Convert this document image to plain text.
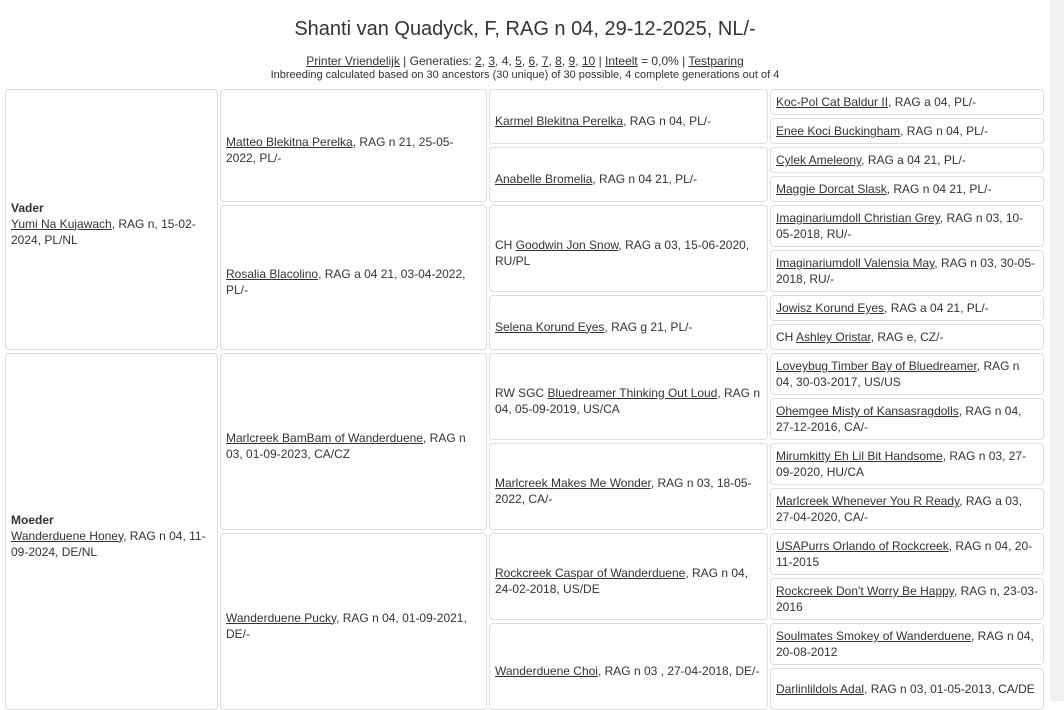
Shanti van Quadyck, F, RAG n 04, 29-12-2025, NL/-
Printer Vriendelijk | Generaties: 2, 3, 4, 5, 6, 7, 8, 9, 10 | Inteelt = 0,0% | Testparing
Inbreeding calculated based on 30 ancestors (30 unique) of 30 possible, 4 complete generations out of 4
Vader
Yumi Na Kujawach, RAG n, 15-02-2024, PL/NL
Moeder
Wanderduene Honey, RAG n 04, 11-09-2024, DE/NL
Matteo Blekitna Perelka, RAG n 21, 25-05-2022, PL/-
Rosalia Blacolino, RAG a 04 21, 03-04-2022, PL/-
Marlcreek BamBam of Wanderduene, RAG n 03, 01-09-2023, CA/CZ
Wanderduene Pucky, RAG n 04, 01-09-2021, DE/-
Karmel Blekitna Perelka, RAG n 04, PL/-
Anabelle Bromelia, RAG n 04 21, PL/-
CH Goodwin Jon Snow, RAG a 03, 15-06-2020, RU/PL
Selena Korund Eyes, RAG g 21, PL/-
RW SGC Bluedreamer Thinking Out Loud, RAG n 04, 05-09-2019, US/CA
Marlcreek Makes Me Wonder, RAG n 03, 18-05-2022, CA/-
Rockcreek Caspar of Wanderduene, RAG n 04, 24-02-2018, US/DE
Wanderduene Choi, RAG n 03 , 27-04-2018, DE/-
Koc-Pol Cat Baldur II, RAG a 04, PL/-
Enee Koci Buckingham, RAG n 04, PL/-
Cylek Ameleony, RAG a 04 21, PL/-
Maggie Dorcat Slask, RAG n 04 21, PL/-
Imaginariumdoll Christian Grey, RAG n 03, 10-05-2018, RU/-
Imaginariumdoll Valensia May, RAG n 03, 30-05-2018, RU/-
Jowisz Korund Eyes, RAG a 04 21, PL/-
CH Ashley Oristar, RAG e, CZ/-
Loveybug Timber Bay of Bluedreamer, RAG n 04, 30-03-2017, US/US
Ohemgee Misty of Kansasragdolls, RAG n 04, 27-12-2016, CA/-
Mirumkitty Eh Lil Bit Handsome, RAG n 03, 27-09-2020, HU/CA
Marlcreek Whenever You R Ready, RAG a 03, 27-04-2020, CA/-
USAPurrs Orlando of Rockcreek, RAG n 04, 20-11-2015
Rockcreek Don't Worry Be Happy, RAG n, 23-03-2016
Soulmates Smokey of Wanderduene, RAG n 04, 20-08-2012
Darlinlildols Adal, RAG n 03, 01-05-2013, CA/DE
